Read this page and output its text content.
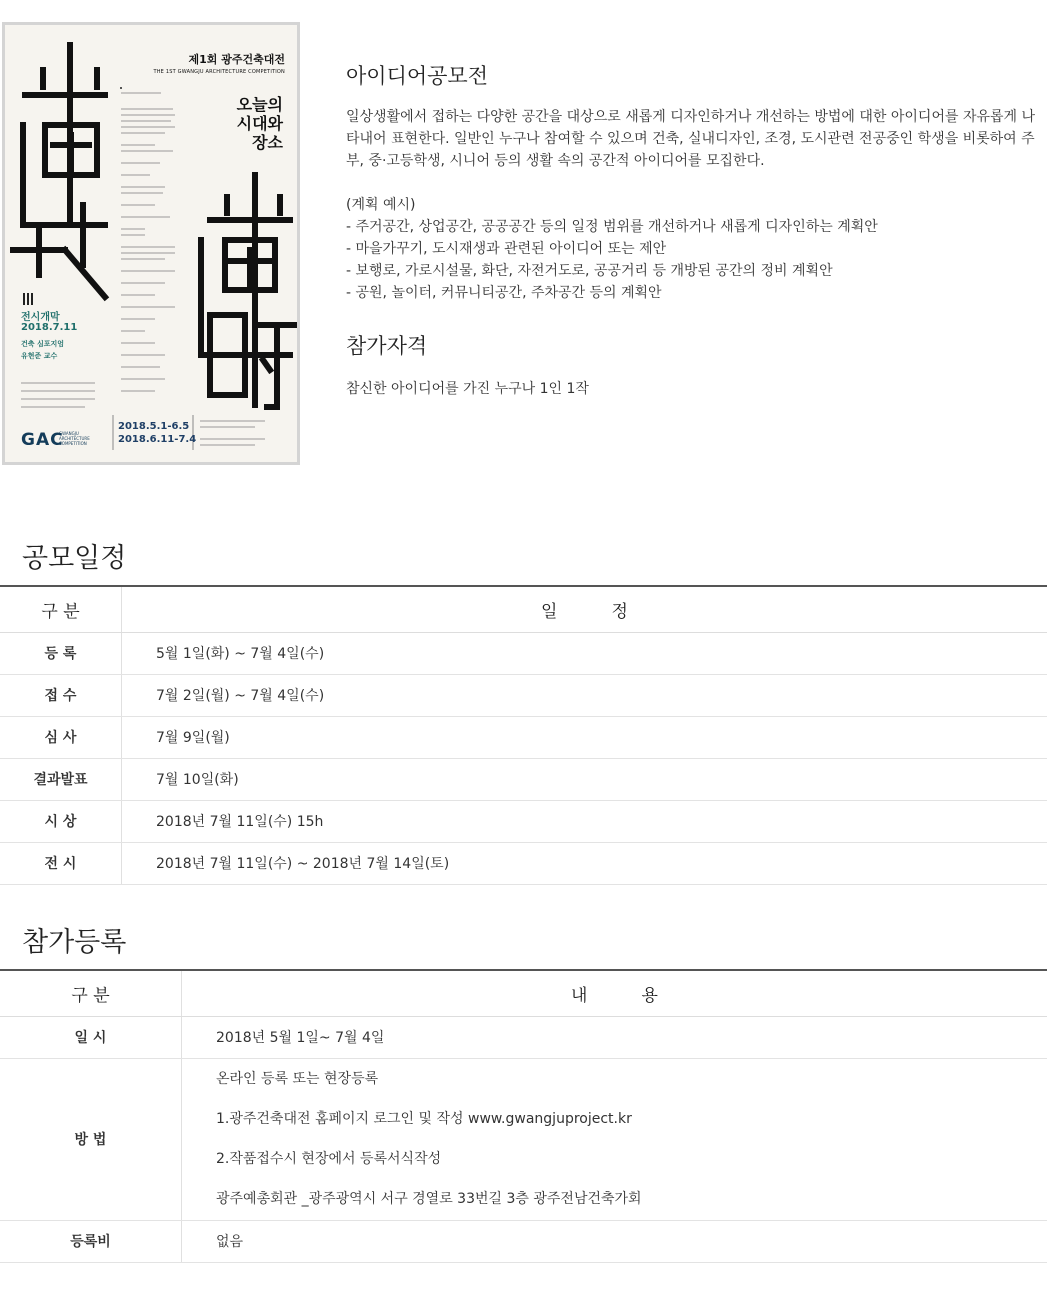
제1회 광주건축대전
THE 1ST GWANGJU ARCHITECTURE COMPETITION
오늘의
시대와
장소
전시개막
2018.7.11
건축 심포지엄
유현준 교수
GAC
GWANGJU ARCHITECTURE COMPETITION
2018.5.1-6.5
2018.6.11-7.4
아이디어공모전
일상생활에서 접하는 다양한 공간을 대상으로 새롭게 디자인하거나 개선하는 방법에 대한 아이디어를 자유롭게 나타내어 표현한다. 일반인 누구나 참여할 수 있으며 건축, 실내디자인, 조경, 도시관련 전공중인 학생을 비롯하여 주부, 중·고등학생, 시니어 등의 생활 속의 공간적 아이디어를 모집한다.
(계획 예시)
- 주거공간, 상업공간, 공공공간 등의 일정 범위를 개선하거나 새롭게 디자인하는 계획안
- 마을가꾸기, 도시재생과 관련된 아이디어 또는 제안
- 보행로, 가로시설물, 화단, 자전거도로, 공공거리 등 개방된 공간의 정비 계획안
- 공원, 놀이터, 커뮤니티공간, 주차공간 등의 계획안
참가자격
참신한 아이디어를 가진 누구나 1인 1작
공모일정
구 분	일          정
등 록	5월 1일(화) ~ 7월 4일(수)
접 수	7월 2일(월) ~ 7월 4일(수)
심 사	7월 9일(월)
결과발표	7월 10일(화)
시 상	2018년 7월 11일(수) 15h
전 시	2018년 7월 11일(수) ~ 2018년 7월 14일(토)
참가등록
구 분	내          용
일 시	2018년 5월 1일~ 7월 4일
방 법	온라인 등록 또는 현장등록
1.광주건축대전 홈페이지 로그인 및 작성 www.gwangjuproject.kr
2.작품접수시 현장에서 등록서식작성
광주예총회관 _광주광역시 서구 경열로 33번길 3층 광주전남건축가회

등록비	없음
